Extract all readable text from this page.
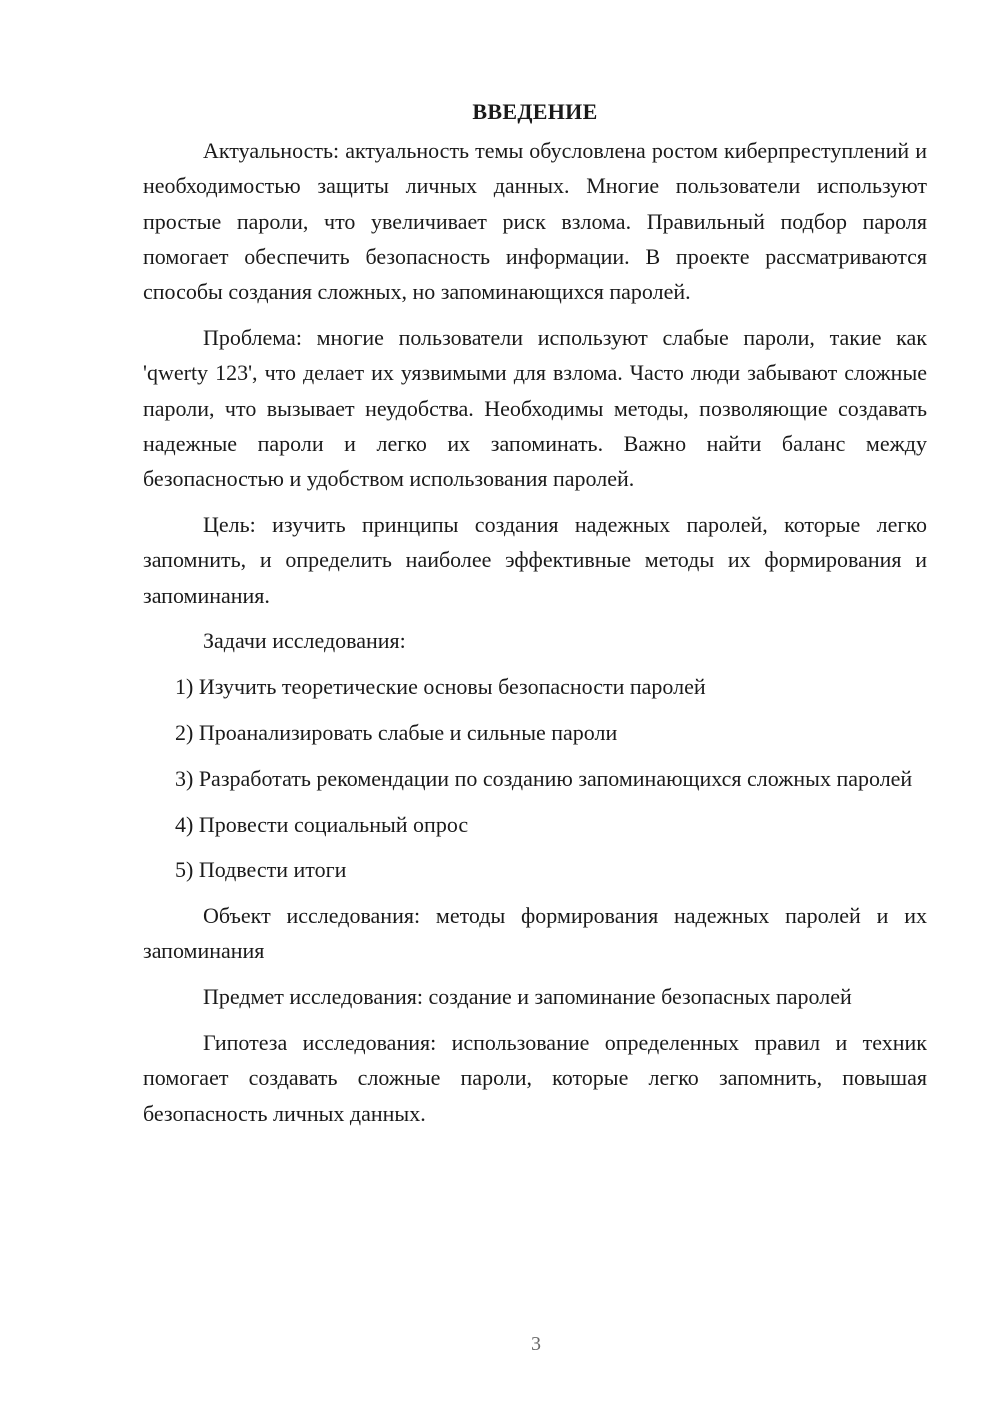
ВВЕДЕНИЕ

Актуальность: актуальность темы обусловлена ростом киберпреступлений и необходимостью защиты личных данных. Многие пользователи используют простые пароли, что увеличивает риск взлома. Правильный подбор пароля помогает обеспечить безопасность информации. В проекте рассматриваются способы создания сложных, но запоминающихся паролей.

Проблема: многие пользователи используют слабые пароли, такие как 'qwerty 123', что делает их уязвимыми для взлома. Часто люди забывают сложные пароли, что вызывает неудобства. Необходимы методы, позволяющие создавать надежные пароли и легко их запоминать. Важно найти баланс между безопасностью и удобством использования паролей.

Цель: изучить принципы создания надежных паролей, которые легко запомнить, и определить наиболее эффективные методы их формирования и запоминания.

Задачи исследования:

1) Изучить теоретические основы безопасности паролей

2) Проанализировать слабые и сильные пароли

3) Разработать рекомендации по созданию запоминающихся сложных паролей

4) Провести социальный опрос

5) Подвести итоги

Объект исследования: методы формирования надежных паролей и их запоминания

Предмет исследования: создание и запоминание безопасных паролей

Гипотеза исследования: использование определенных правил и техник помогает создавать сложные пароли, которые легко запомнить, повышая безопасность личных данных.

3
